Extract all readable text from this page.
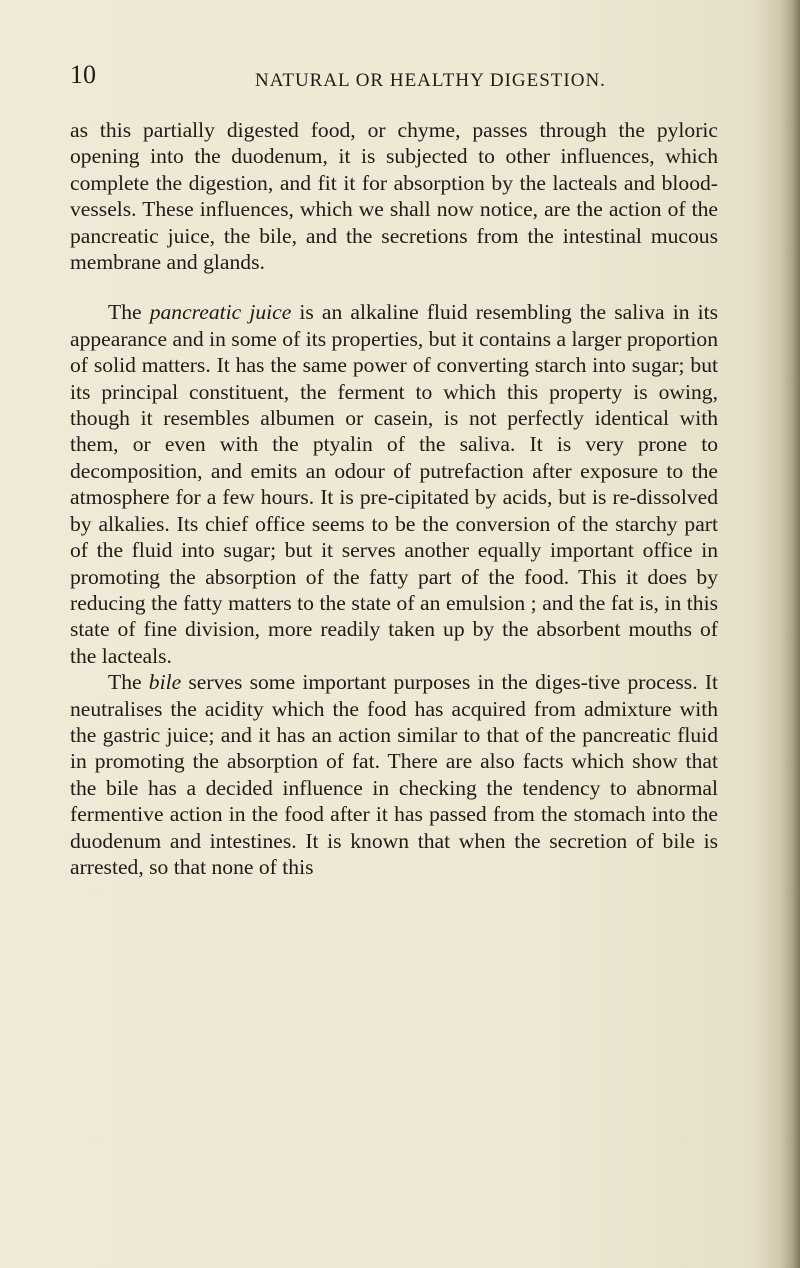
10	NATURAL OR HEALTHY DIGESTION.

as this partially digested food, or chyme, passes through the pyloric opening into the duodenum, it is subjected to other influences, which complete the digestion, and fit it for absorption by the lacteals and blood-vessels. These influences, which we shall now notice, are the action of the pancreatic juice, the bile, and the secretions from the intestinal mucous membrane and glands.

The pancreatic juice is an alkaline fluid resembling the saliva in its appearance and in some of its properties, but it contains a larger proportion of solid matters. It has the same power of converting starch into sugar; but its principal constituent, the ferment to which this property is owing, though it resembles albumen or casein, is not perfectly identical with them, or even with the ptyalin of the saliva. It is very prone to decomposition, and emits an odour of putrefaction after exposure to the atmosphere for a few hours. It is pre-cipitated by acids, but is re-dissolved by alkalies. Its chief office seems to be the conversion of the starchy part of the fluid into sugar; but it serves another equally important office in promoting the absorption of the fatty part of the food. This it does by reducing the fatty matters to the state of an emulsion ; and the fat is, in this state of fine division, more readily taken up by the absorbent mouths of the lacteals.

The bile serves some important purposes in the diges-tive process. It neutralises the acidity which the food has acquired from admixture with the gastric juice; and it has an action similar to that of the pancreatic fluid in promoting the absorption of fat. There are also facts which show that the bile has a decided influence in checking the tendency to abnormal fermentive action in the food after it has passed from the stomach into the duodenum and intestines. It is known that when the secretion of bile is arrested, so that none of this
